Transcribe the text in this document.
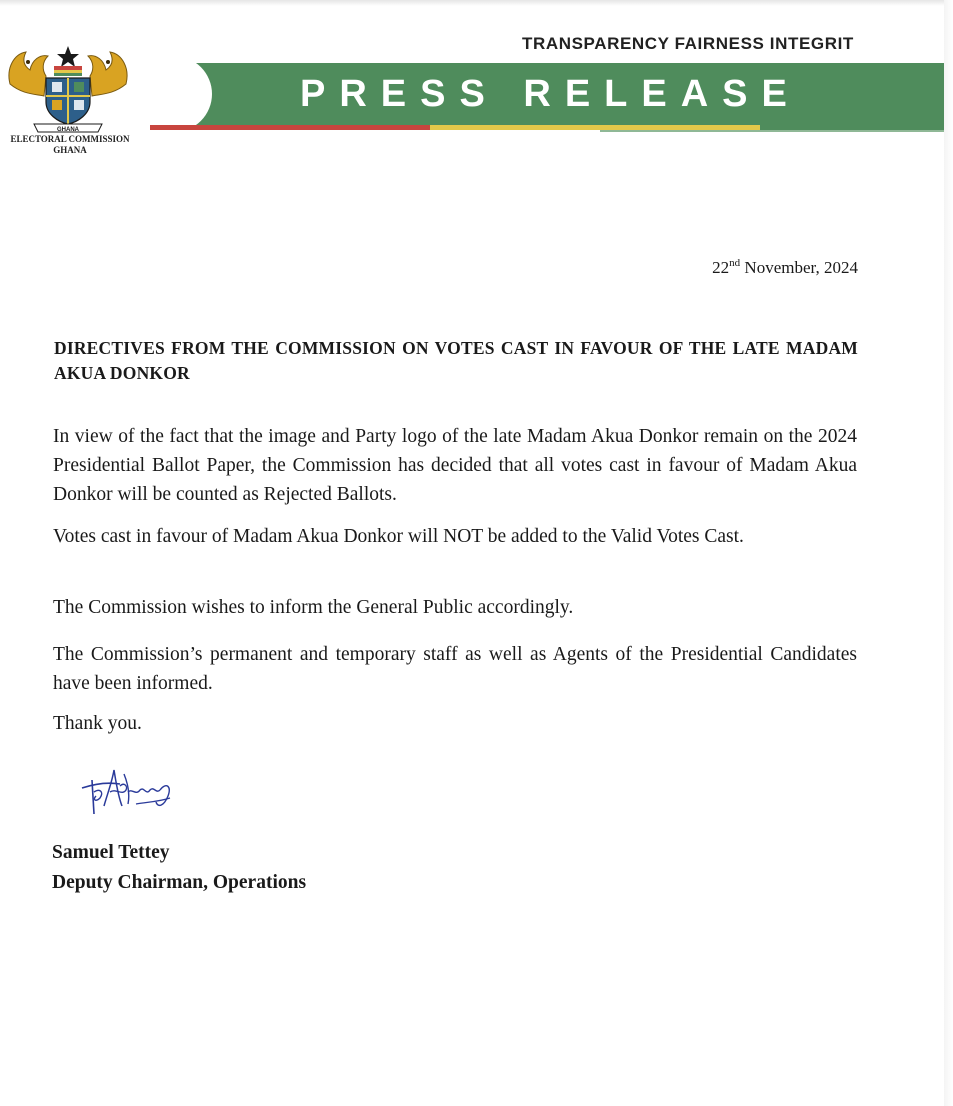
TRANSPARENCY FAIRNESS INTEGRIT
PRESS RELEASE
GHANA
ELECTORAL COMMISSION
GHANA
22nd November, 2024
DIRECTIVES FROM THE COMMISSION ON VOTES CAST IN FAVOUR OF THE LATE MADAM AKUA DONKOR
In view of the fact that the image and Party logo of the late Madam Akua Donkor remain on the 2024 Presidential Ballot Paper, the Commission has decided that all votes cast in favour of Madam Akua Donkor will be counted as Rejected Ballots.
Votes cast in favour of Madam Akua Donkor will NOT be added to the Valid Votes Cast.
The Commission wishes to inform the General Public accordingly.
The Commission’s permanent and temporary staff as well as Agents of the Presidential Candidates have been informed.
Thank you.
Samuel Tettey
Deputy Chairman, Operations
